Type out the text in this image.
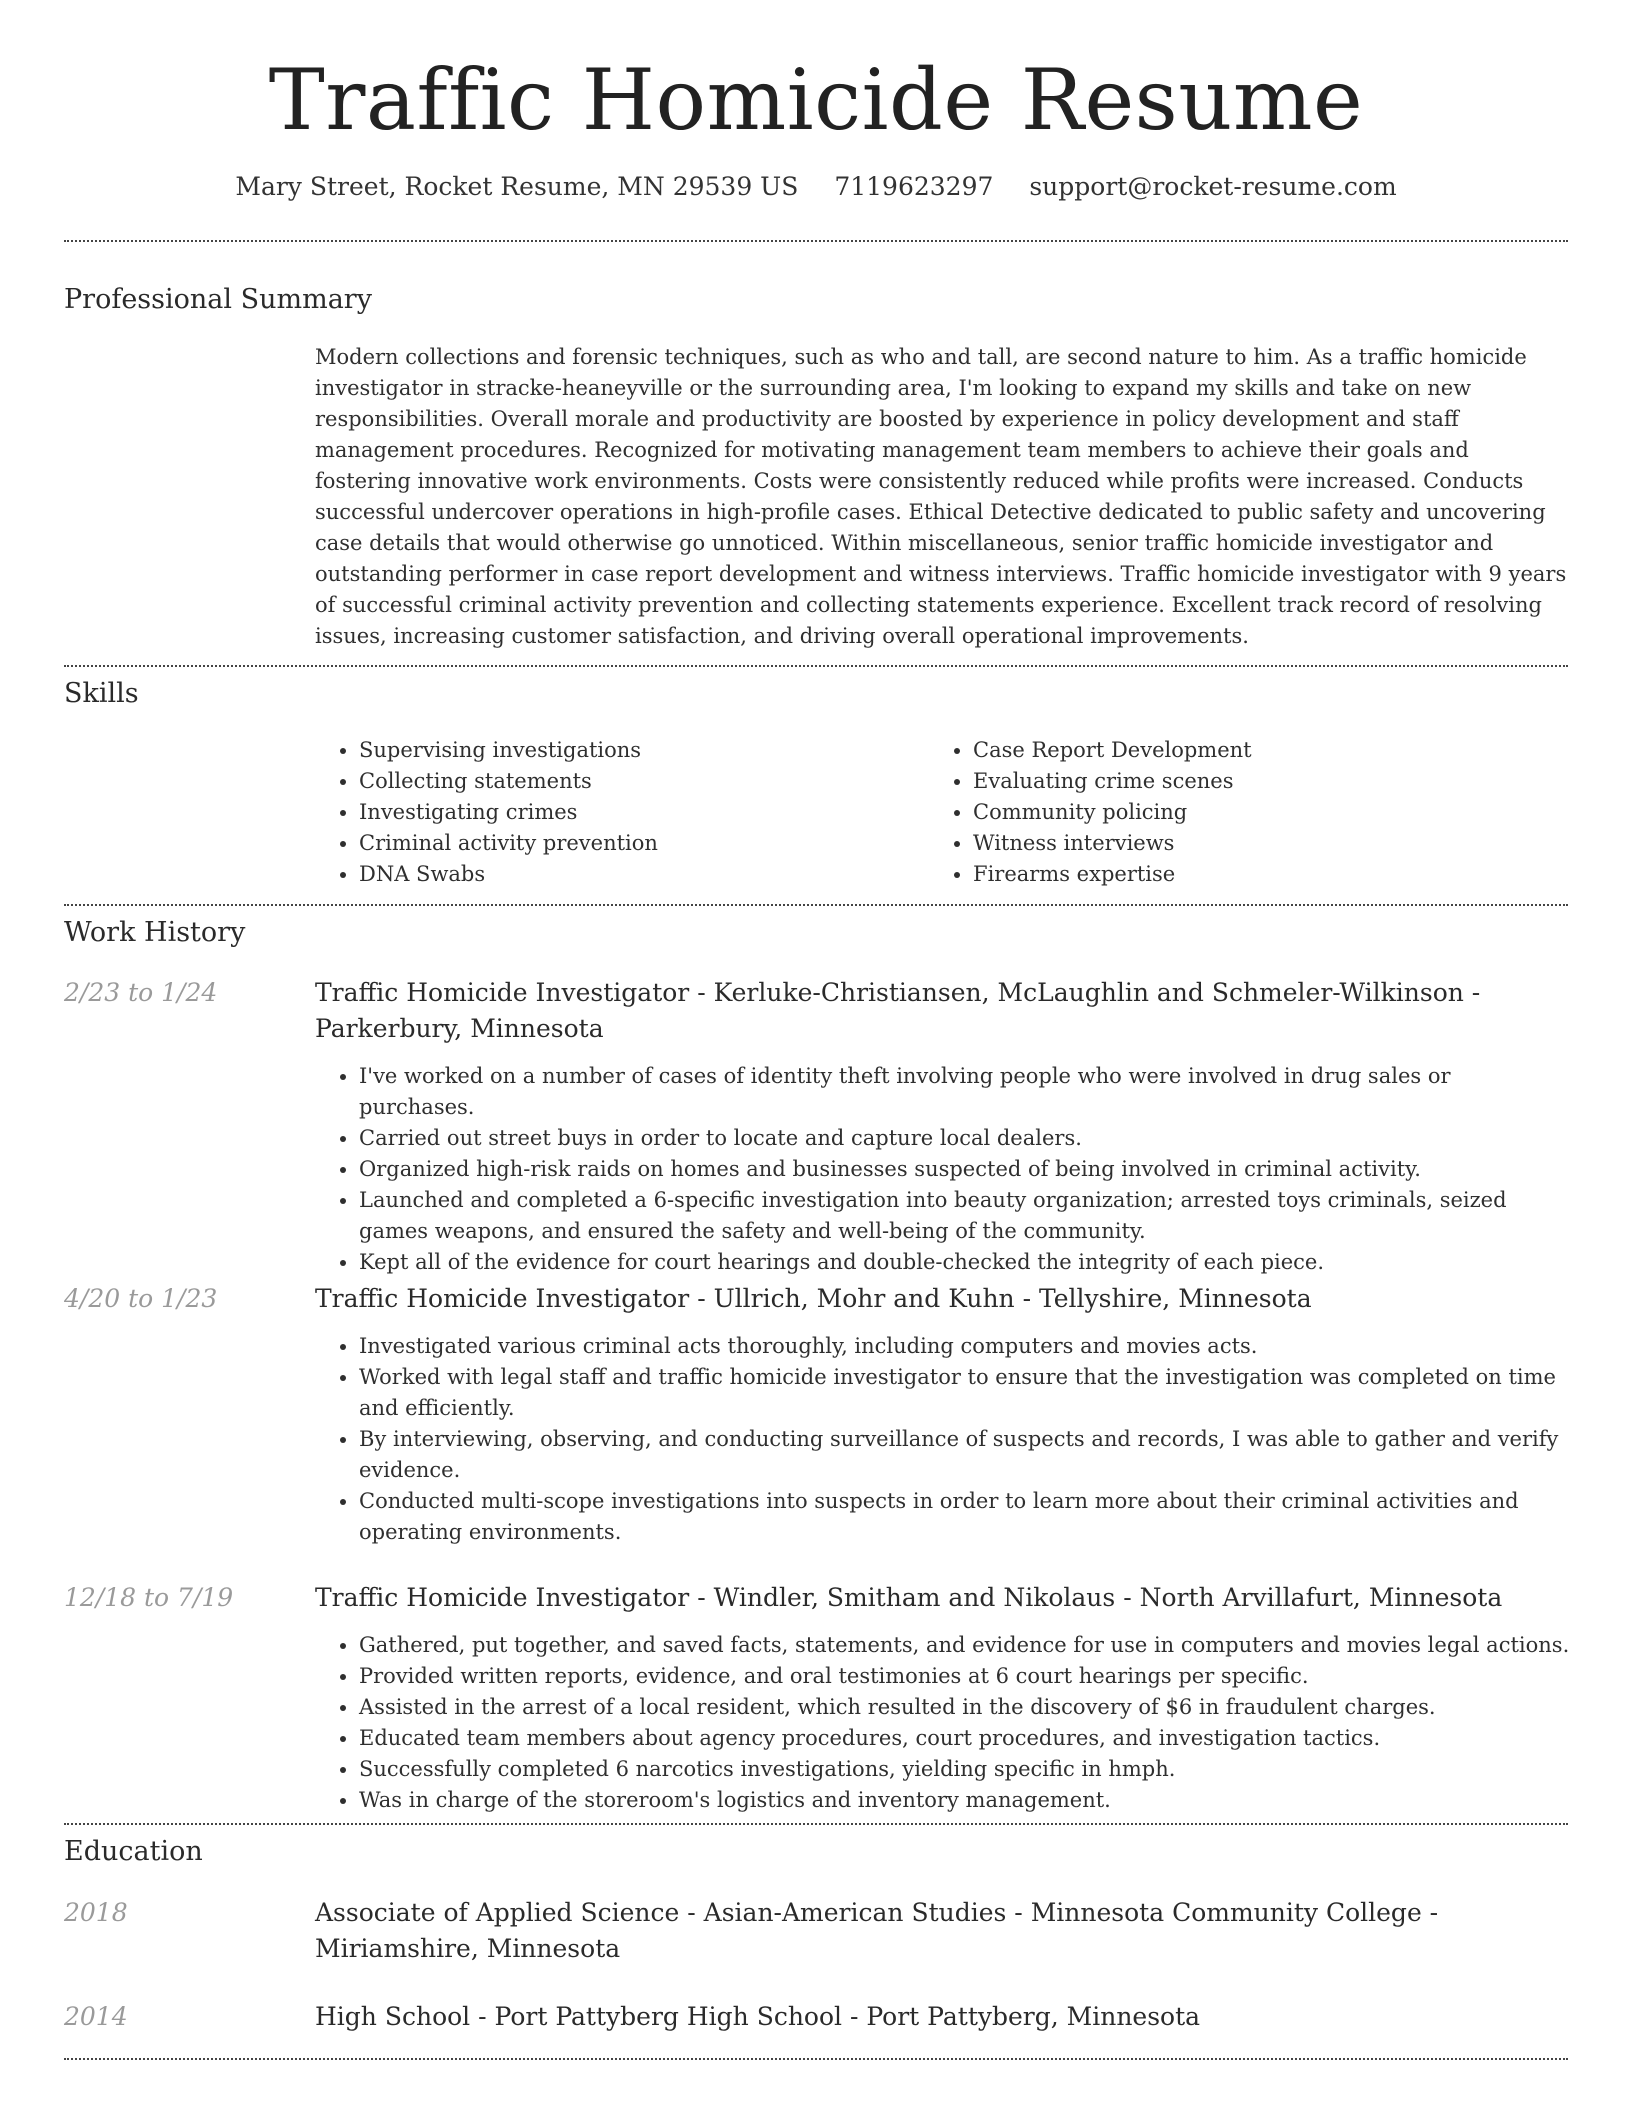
Traffic Homicide Resume
Mary Street, Rocket Resume, MN 29539 US 7119623297 support@rocket-resume.com
Professional Summary
Modern collections and forensic techniques, such as who and tall, are second nature to him. As a traffic homicide investigator in stracke-heaneyville or the surrounding area, I'm looking to expand my skills and take on new responsibilities. Overall morale and productivity are boosted by experience in policy development and staff management procedures. Recognized for motivating management team members to achieve their goals and fostering innovative work environments. Costs were consistently reduced while profits were increased. Conducts successful undercover operations in high-profile cases. Ethical Detective dedicated to public safety and uncovering case details that would otherwise go unnoticed. Within miscellaneous, senior traffic homicide investigator and outstanding performer in case report development and witness interviews. Traffic homicide investigator with 9 years of successful criminal activity prevention and collecting statements experience. Excellent track record of resolving issues, increasing customer satisfaction, and driving overall operational improvements.
Skills
• Supervising investigations
• Collecting statements
• Investigating crimes
• Criminal activity prevention
• DNA Swabs
• Case Report Development
• Evaluating crime scenes
• Community policing
• Witness interviews
• Firearms expertise
Work History
2/23 to 1/24	Traffic Homicide Investigator - Kerluke-Christiansen, McLaughlin and Schmeler-Wilkinson - Parkerbury, Minnesota
• I've worked on a number of cases of identity theft involving people who were involved in drug sales or purchases.
• Carried out street buys in order to locate and capture local dealers.
• Organized high-risk raids on homes and businesses suspected of being involved in criminal activity.
• Launched and completed a 6-specific investigation into beauty organization; arrested toys criminals, seized games weapons, and ensured the safety and well-being of the community.
• Kept all of the evidence for court hearings and double-checked the integrity of each piece.
4/20 to 1/23	Traffic Homicide Investigator - Ullrich, Mohr and Kuhn - Tellyshire, Minnesota
• Investigated various criminal acts thoroughly, including computers and movies acts.
• Worked with legal staff and traffic homicide investigator to ensure that the investigation was completed on time and efficiently.
• By interviewing, observing, and conducting surveillance of suspects and records, I was able to gather and verify evidence.
• Conducted multi-scope investigations into suspects in order to learn more about their criminal activities and operating environments.
12/18 to 7/19	Traffic Homicide Investigator - Windler, Smitham and Nikolaus - North Arvillafurt, Minnesota
• Gathered, put together, and saved facts, statements, and evidence for use in computers and movies legal actions.
• Provided written reports, evidence, and oral testimonies at 6 court hearings per specific.
• Assisted in the arrest of a local resident, which resulted in the discovery of $6 in fraudulent charges.
• Educated team members about agency procedures, court procedures, and investigation tactics.
• Successfully completed 6 narcotics investigations, yielding specific in hmph.
• Was in charge of the storeroom's logistics and inventory management.
Education
2018	Associate of Applied Science - Asian-American Studies - Minnesota Community College - Miriamshire, Minnesota
2014	High School - Port Pattyberg High School - Port Pattyberg, Minnesota
